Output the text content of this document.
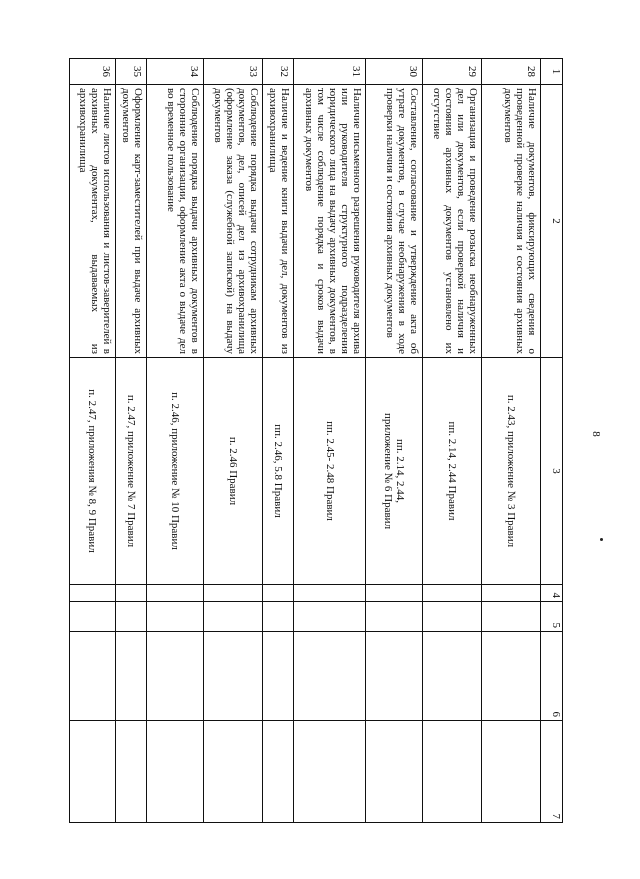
8
1	2	3	4	5	6	7
28	Наличие документов, фиксирующих сведения о проведенной проверке наличия и состояния архивных документов	п. 2.43, приложение № 3 Правил				

29	Организация и проведение розыска необнаруженных дел или документов, если проверкой наличия и состояния архивных документов установлено их отсутствие	пп. 2.14, 2.44 Правил				

30	Составление, согласование и утверждение акта об утрате документов, в случае необнаружения в ходе проверки наличия и состояния архивных документов	пп. 2.14, 2.44,
приложение № 6 Правил				

31	Наличие письменного разрешения руководителя архива или руководителя структурного подразделения юридического лица на выдачу архивных документов, в том числе соблюдение порядка и сроков выдачи архивных документов	пп. 2.45- 2.48 Правил				

32	Наличие и ведение книги выдачи дел, документов из архивохранилища	пп. 2.46, 5.8 Правил				

33	Соблюдение порядка выдачи сотрудникам архивных документов, дел, описей дел из архивохранилища (оформление заказа (служебной запиской) на выдачу документов	п. 2.46 Правил				

34	Соблюдение порядка выдачи архивных документов в сторонние организации, оформление акта о выдаче дел во временное пользование	п. 2.46, приложение № 10 Правил				

35	Оформление карт-заместителей при выдаче архивных документов	п. 2.47, приложение № 7 Правил				

36	Наличие листов использования и листов-заверителей в архивных документах, выдаваемых из архивохранилища	п. 2.47, приложения № 8, 9 Правил				
